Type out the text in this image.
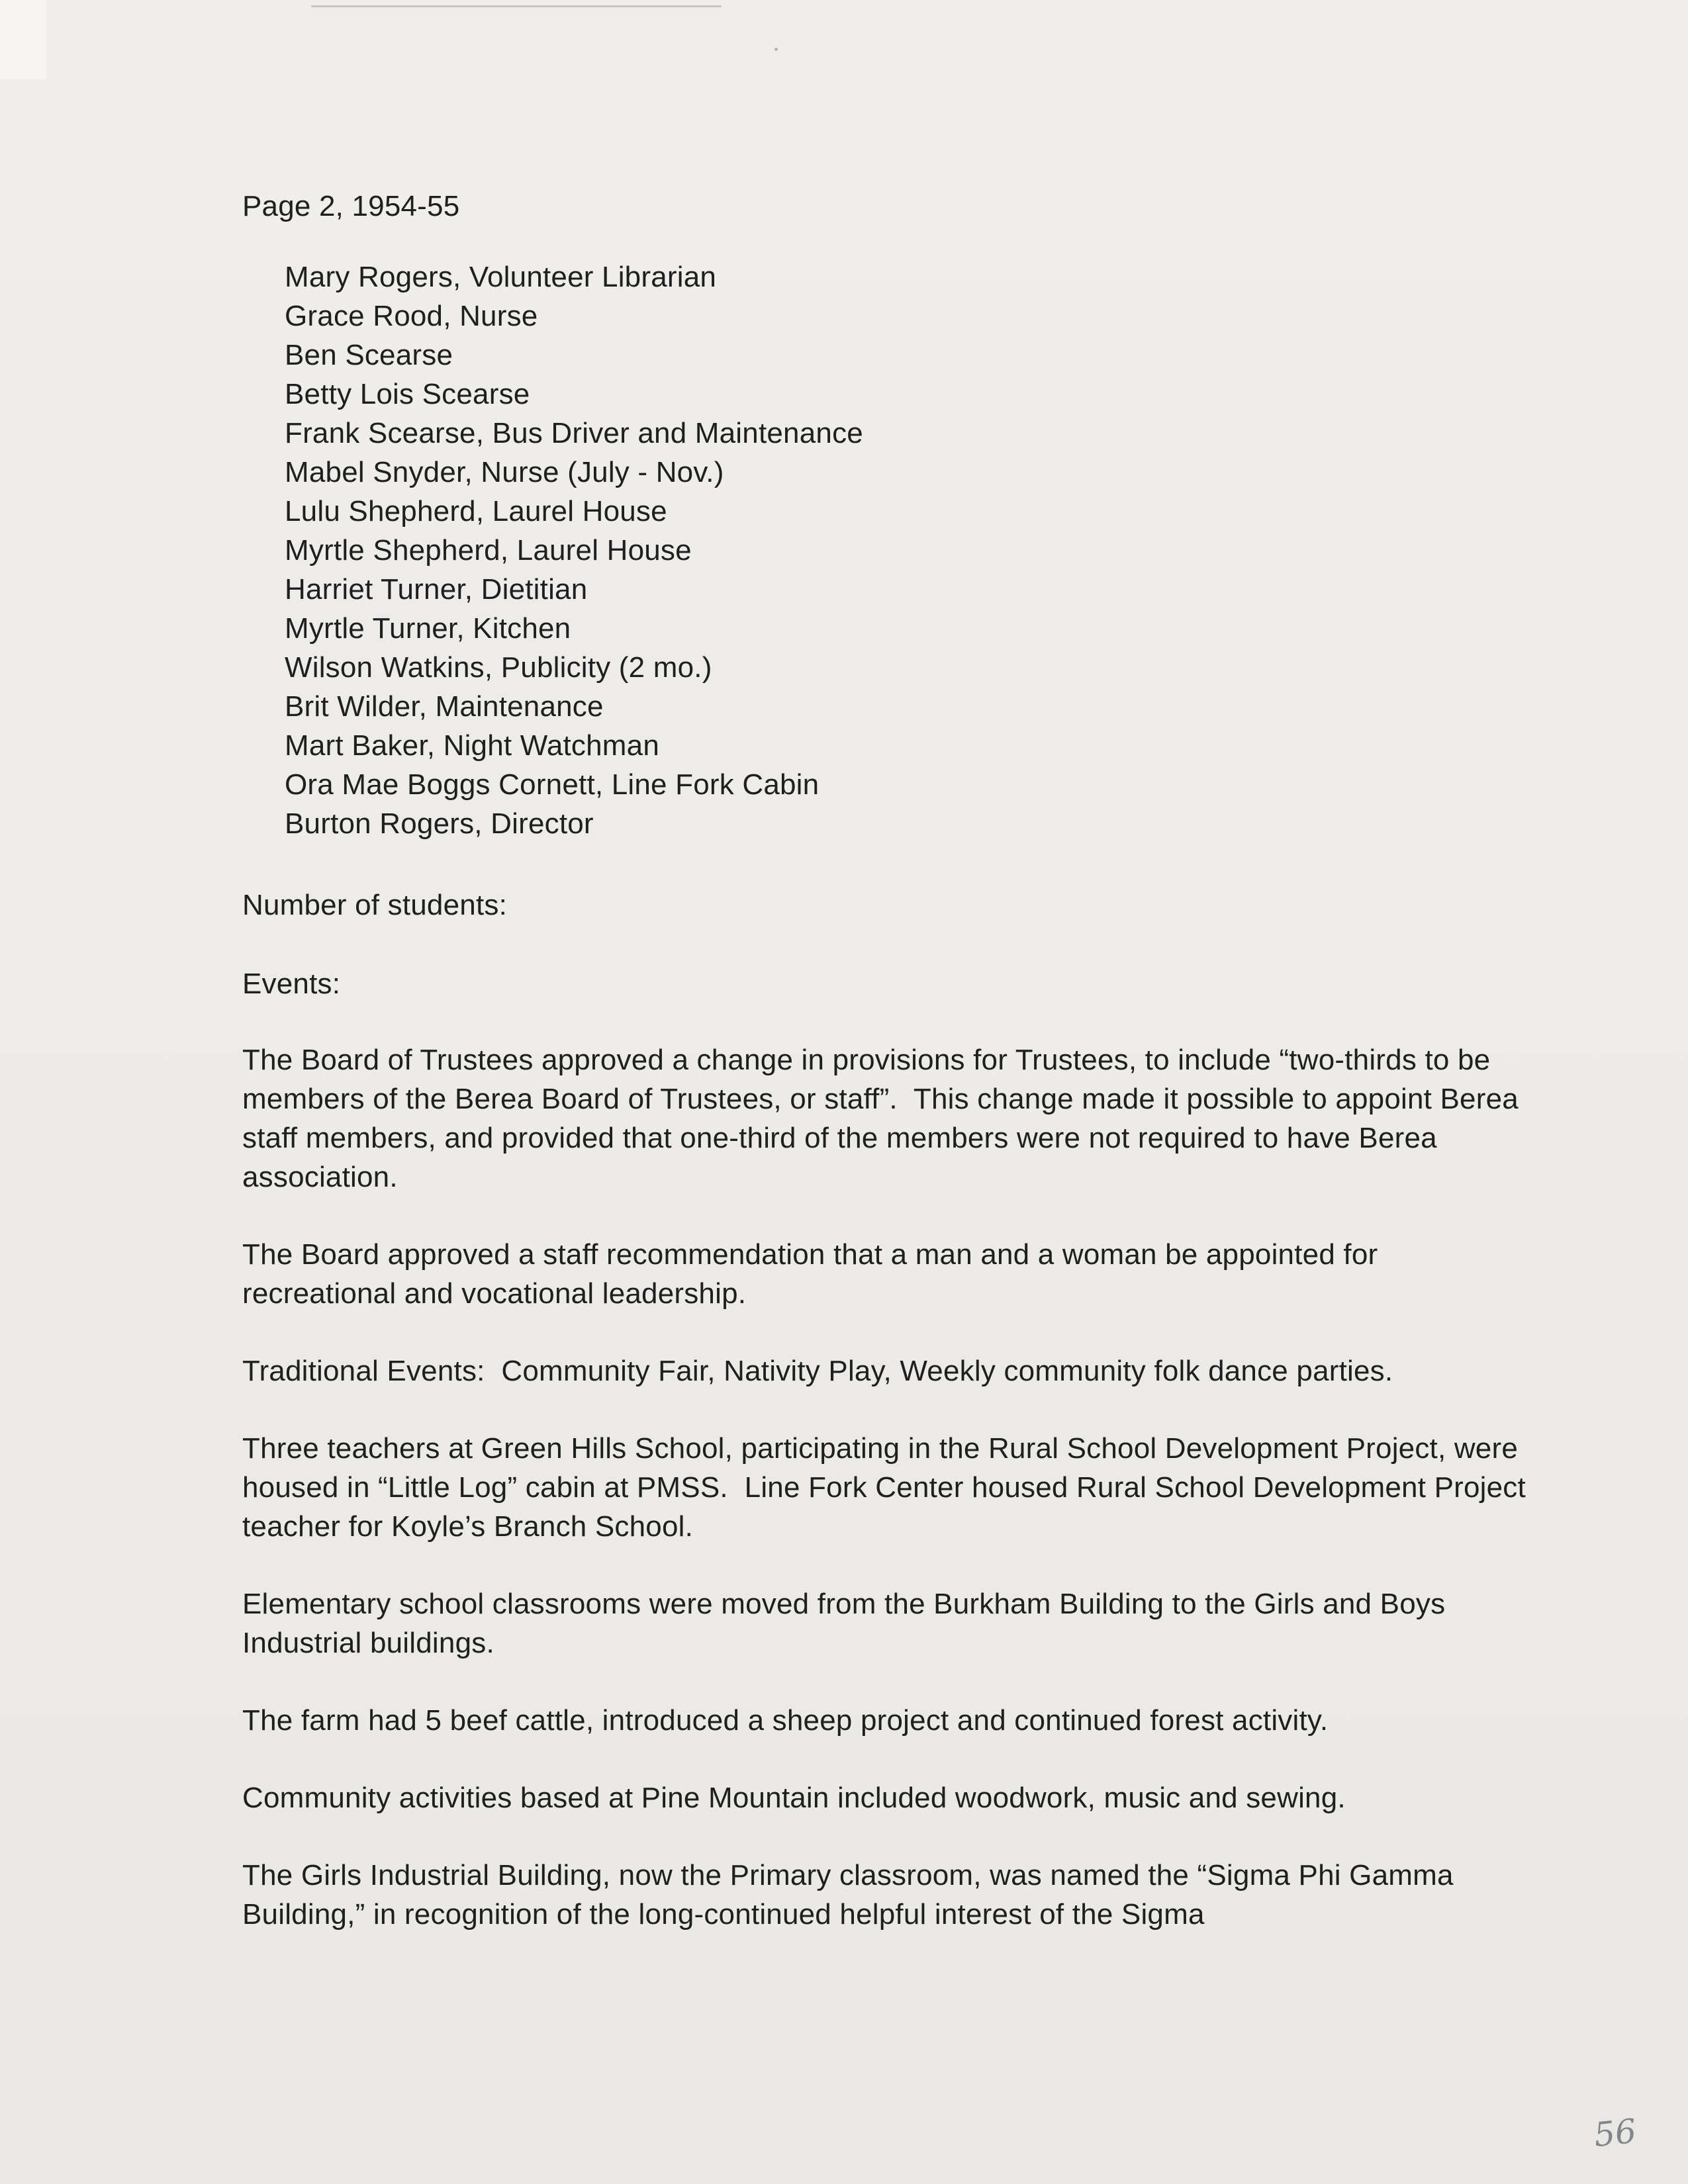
Page 2, 1954-55
Mary Rogers, Volunteer Librarian
Grace Rood, Nurse
Ben Scearse
Betty Lois Scearse
Frank Scearse, Bus Driver and Maintenance
Mabel Snyder, Nurse (July - Nov.)
Lulu Shepherd, Laurel House
Myrtle Shepherd, Laurel House
Harriet Turner, Dietitian
Myrtle Turner, Kitchen
Wilson Watkins, Publicity (2 mo.)
Brit Wilder, Maintenance
Mart Baker, Night Watchman
Ora Mae Boggs Cornett, Line Fork Cabin
Burton Rogers, Director
Number of students:
Events:

The Board of Trustees approved a change in provisions for Trustees, to include “two-thirds to be members of the Berea Board of Trustees, or staff”.  This change made it possible to appoint Berea staff members, and provided that one-third of the members were not required to have Berea association.

The Board approved a staff recommendation that a man and a woman be appointed for recreational and vocational leadership.

Traditional Events:  Community Fair, Nativity Play, Weekly community folk dance parties.

Three teachers at Green Hills School, participating in the Rural School Development Project, were housed in “Little Log” cabin at PMSS.  Line Fork Center housed Rural School Development Project teacher for Koyle’s Branch School.

Elementary school classrooms were moved from the Burkham Building to the Girls and Boys Industrial buildings.

The farm had 5 beef cattle, introduced a sheep project and continued forest activity.

Community activities based at Pine Mountain included woodwork, music and sewing.

The Girls Industrial Building, now the Primary classroom, was named the “Sigma Phi Gamma Building,” in recognition of the long-continued helpful interest of the Sigma

56
